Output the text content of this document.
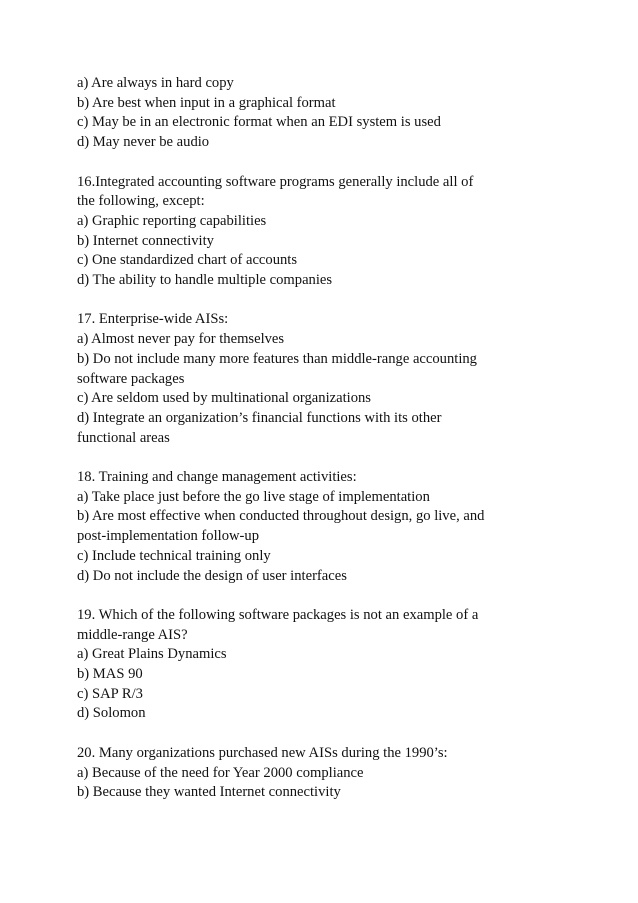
a) Are always in hard copy
b) Are best when input in a graphical format
c) May be in an electronic format when an EDI system is used
d) May never be audio
16.Integrated accounting software programs generally include all of
the following, except:
a) Graphic reporting capabilities
b) Internet connectivity
c) One standardized chart of accounts
d) The ability to handle multiple companies
17. Enterprise-wide AISs:
a) Almost never pay for themselves
b) Do not include many more features than middle-range accounting
software packages
c) Are seldom used by multinational organizations
d) Integrate an organization’s financial functions with its other
functional areas
18. Training and change management activities:
a) Take place just before the go live stage of implementation
b) Are most effective when conducted throughout design, go live, and
post-implementation follow-up
c) Include technical training only
d) Do not include the design of user interfaces
19. Which of the following software packages is not an example of a
middle-range AIS?
a) Great Plains Dynamics
b) MAS 90
c) SAP R/3
d) Solomon
20. Many organizations purchased new AISs during the 1990’s:
a) Because of the need for Year 2000 compliance
b) Because they wanted Internet connectivity
